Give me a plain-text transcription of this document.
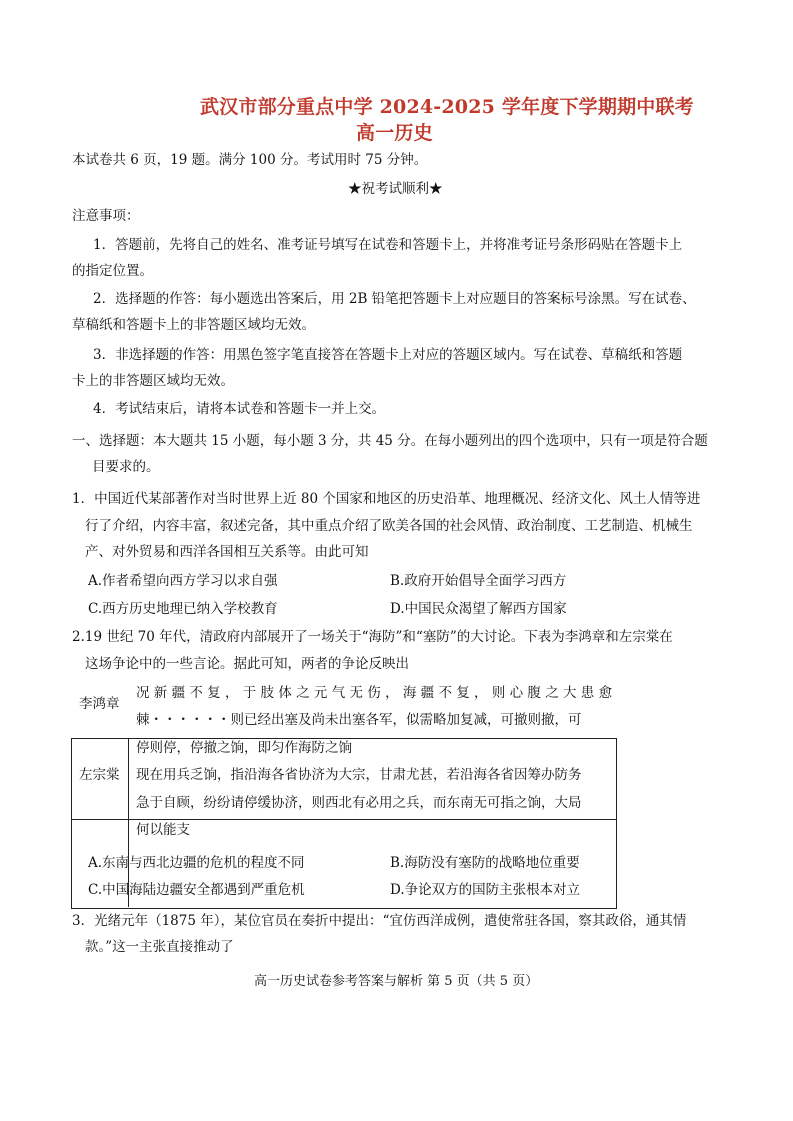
武汉市部分重点中学 2024-2025 学年度下学期期中联考
高一历史
本试卷共 6 页，19 题。满分 100 分。考试用时 75 分钟。
★祝考试顺利★
注意事项：
1．答题前，先将自己的姓名、准考证号填写在试卷和答题卡上，并将准考证号条形码贴在答题卡上
的指定位置。
2．选择题的作答：每小题选出答案后，用 2B 铅笔把答题卡上对应题目的答案标号涂黑。写在试卷、
草稿纸和答题卡上的非答题区域均无效。
3．非选择题的作答：用黑色签字笔直接答在答题卡上对应的答题区域内。写在试卷、草稿纸和答题
卡上的非答题区域均无效。
4．考试结束后，请将本试卷和答题卡一并上交。
一、选择题：本大题共 15 小题，每小题 3 分，共 45 分。在每小题列出的四个选项中，只有一项是符合题
目要求的。
1．中国近代某部著作对当时世界上近 80 个国家和地区的历史沿革、地理概况、经济文化、风土人情等进
行了介绍，内容丰富，叙述完备，其中重点介绍了欧美各国的社会风情、政治制度、工艺制造、机械生
产、对外贸易和西洋各国相互关系等。由此可知
A.作者希望向西方学习以求自强	B.政府开始倡导全面学习西方
C.西方历史地理已纳入学校教育	D.中国民众渴望了解西方国家
2.19 世纪 70 年代，清政府内部展开了一场关于“海防”和“塞防”的大讨论。下表为李鸿章和左宗棠在
这场争论中的一些言论。据此可知，两者的争论反映出
李鸿章
况 新 疆 不 复 ， 于 肢 体 之 元 气 无 伤 ， 海 疆 不 复 ， 则 心 腹 之 大 患 愈
棘・・・・・・则已经出塞及尚未出塞各军，似需略加复减，可撤则撤，可
停则停，停撤之饷，即匀作海防之饷
左宗棠 现在用兵乏饷，指沿海各省协济为大宗，甘肃尤甚，若沿海各省因筹办防务
急于自顾，纷纷请停缓协济，则西北有必用之兵，而东南无可指之饷，大局
何以能支
A.东南与西北边疆的危机的程度不同	B.海防没有塞防的战略地位重要
C.中国海陆边疆安全都遇到严重危机	D.争论双方的国防主张根本对立
3．光绪元年（1875 年），某位官员在奏折中提出：“宜仿西洋成例，遣使常驻各国，察其政俗，通其情
款。”这一主张直接推动了
高一历史试卷参考答案与解析 第 5 页（共 5 页）
